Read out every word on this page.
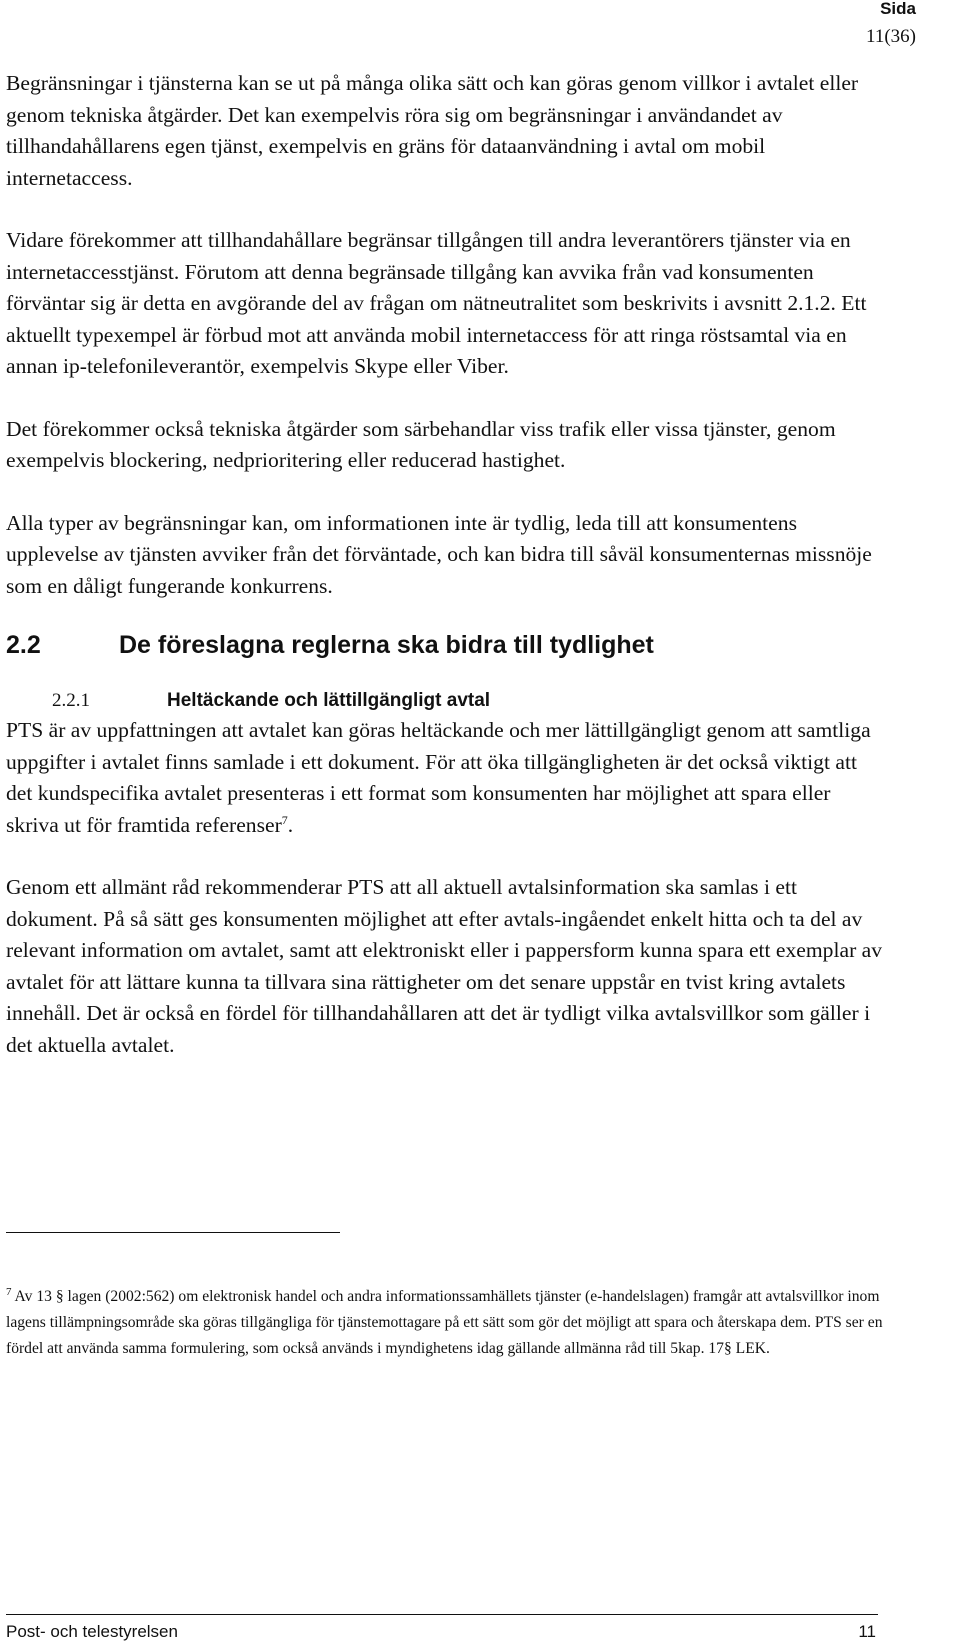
Sida
11(36)

Begränsningar i tjänsterna kan se ut på många olika sätt och kan göras genom villkor i avtalet eller genom tekniska åtgärder. Det kan exempelvis röra sig om begränsningar i användandet av tillhandahållarens egen tjänst, exempelvis en gräns för dataanvändning i avtal om mobil internetaccess.

Vidare förekommer att tillhandahållare begränsar tillgången till andra leverantörers tjänster via en internetaccesstjänst. Förutom att denna begränsade tillgång kan avvika från vad konsumenten förväntar sig är detta en avgörande del av frågan om nätneutralitet som beskrivits i avsnitt 2.1.2. Ett aktuellt typexempel är förbud mot att använda mobil internetaccess för att ringa röstsamtal via en annan ip-telefonileverantör, exempelvis Skype eller Viber.

Det förekommer också tekniska åtgärder som särbehandlar viss trafik eller vissa tjänster, genom exempelvis blockering, nedprioritering eller reducerad hastighet.

Alla typer av begränsningar kan, om informationen inte är tydlig, leda till att konsumentens upplevelse av tjänsten avviker från det förväntade, och kan bidra till såväl konsumenternas missnöje som en dåligt fungerande konkurrens.

2.2	De föreslagna reglerna ska bidra till tydlighet
2.2.1	Heltäckande och lättillgängligt avtal

PTS är av uppfattningen att avtalet kan göras heltäckande och mer lättillgängligt genom att samtliga uppgifter i avtalet finns samlade i ett dokument. För att öka tillgängligheten är det också viktigt att det kundspecifika avtalet presenteras i ett format som konsumenten har möjlighet att spara eller skriva ut för framtida referenser$^7$.

Genom ett allmänt råd rekommenderar PTS att all aktuell avtalsinformation ska samlas i ett dokument. På så sätt ges konsumenten möjlighet att efter avtals-ingåendet enkelt hitta och ta del av relevant information om avtalet, samt att elektroniskt eller i pappersform kunna spara ett exemplar av avtalet för att lättare kunna ta tillvara sina rättigheter om det senare uppstår en tvist kring avtalets innehåll. Det är också en fördel för tillhandahållaren att det är tydligt vilka avtalsvillkor som gäller i det aktuella avtalet.

$^7$ Av 13 § lagen (2002:562) om elektronisk handel och andra informationssamhällets tjänster (e-handelslagen) framgår att avtalsvillkor inom lagens tillämpningsområde ska göras tillgängliga för tjänstemottagare på ett sätt som gör det möjligt att spara och återskapa dem. PTS ser en fördel att använda samma formulering, som också används i myndighetens idag gällande allmänna råd till 5kap. 17§ LEK.

Post- och telestyrelsen	11
